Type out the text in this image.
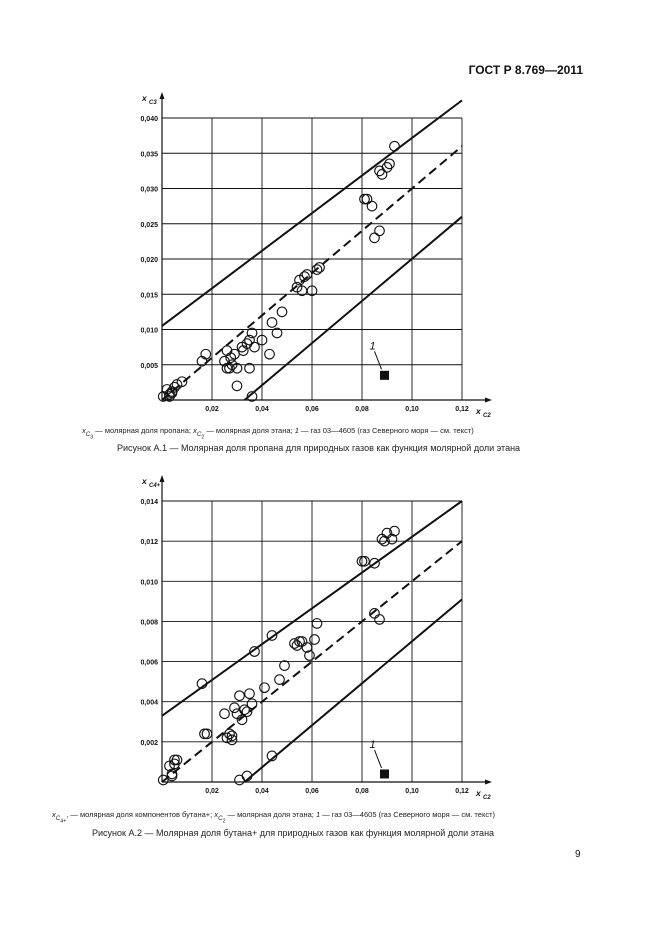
ГОСТ Р 8.769—2011
0,02	0,04	0,06	0,08	0,10	0,12
0,005
0,010
0,015
0,020
0,025
0,030
0,035
0,040
x C2
x C3
1
0,02	0,04	0,06	0,08	0,10	0,12
0,002
0,004
0,006
0,008
0,010
0,012
0,014
x C2
x C4+
1
$x_{C_3}$ — молярная доля пропана; $x_{C_2}$ — молярная доля этана; 1 — газ 03—4605 (газ Северного моря — см. текст)
Рисунок А.1 — Молярная доля пропана для природных газов как функция молярной доли этана
$x_{C_{4+}}$, — молярная доля компонентов бутана+; $x_{C_2}$ — молярная доля этана; 1 — газ 03—4605 (газ Северного моря — см. текст)
Рисунок А.2 — Молярная доля бутана+ для природных газов как функция молярной доли этана
9
